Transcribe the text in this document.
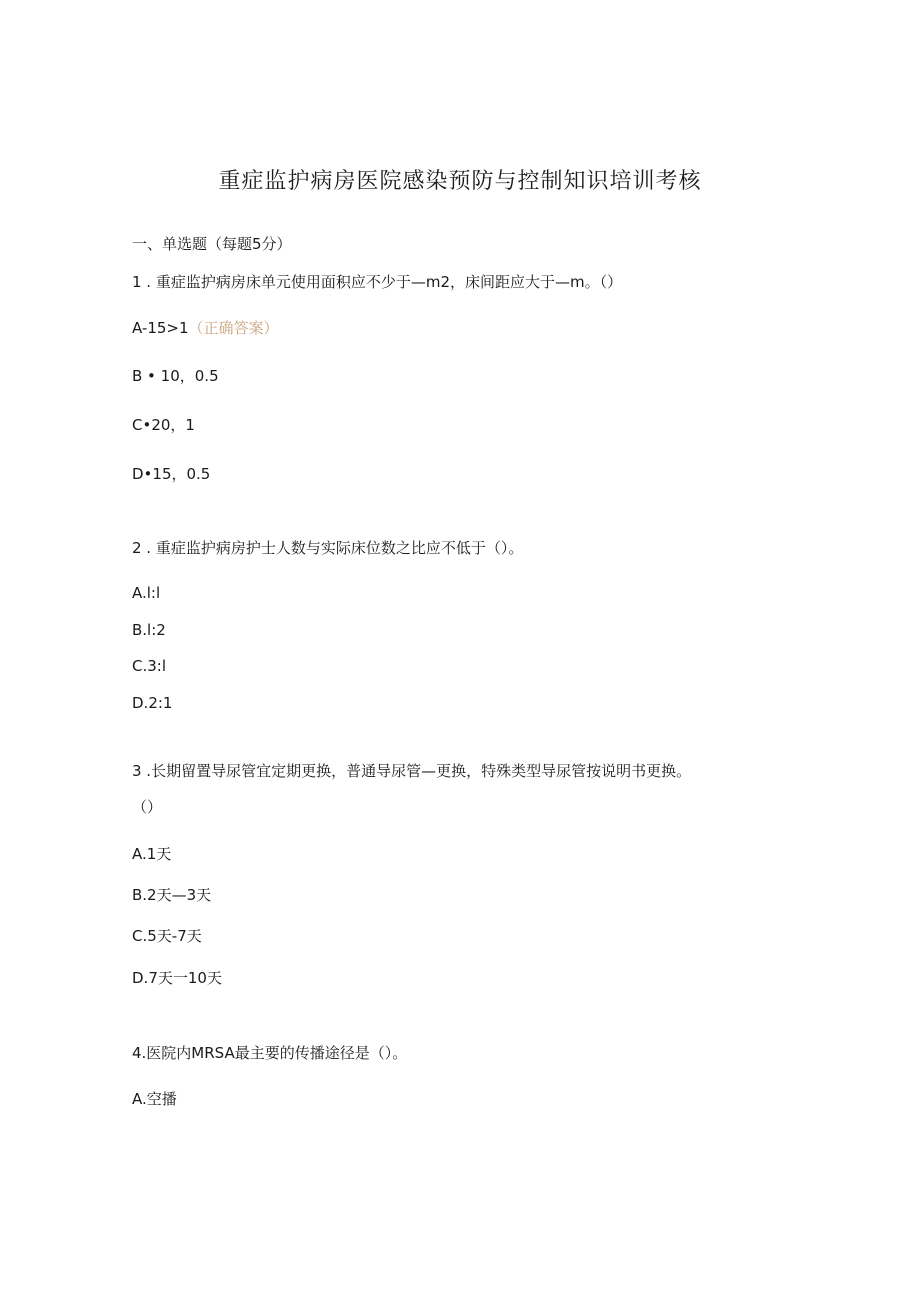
重症监护病房医院感染预防与控制知识培训考核
一、单选题（每题5分）
1 . 重症监护病房床单元使用面积应不少于—m2，床间距应大于—m。（）
A-15>1（正确答案）
B • 10，0.5
C•20，1
D•15，0.5
2 . 重症监护病房护士人数与实际床位数之比应不低于（）。
A.l:l
B.l:2
C.3:l
D.2:1
3 .长期留置导尿管宜定期更换，普通导尿管—更换，特殊类型导尿管按说明书更换。
（）
A.1天
B.2天—3天
C.5天-7天
D.7天一10天
4.医院内MRSA最主要的传播途径是（）。
A.空播
